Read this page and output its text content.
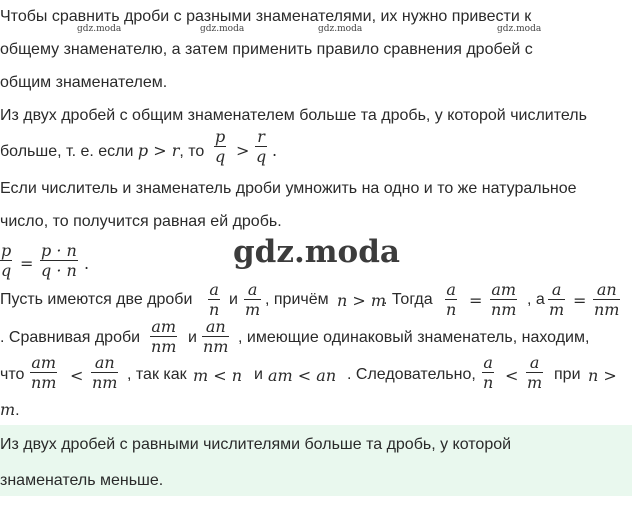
gdz.moda	gdz.moda	gdz.moda	gdz.moda
Чтобы сравнить дроби с разными знаменателями, их нужно привести к
общему знаменателю, а затем применить правило сравнения дробей с
общим знаменателем.
Из двух дробей с общим знаменателем больше та дробь, у которой числитель
больше, т. е. если p > r, то
p
q >
r
q .
Если числитель и знаменатель дроби умножить на одно и то же натуральное
число, то получится равная ей дробь.
p
q =
p · n
q · n .	gdz.moda
Пусть имеются две дроби
a
n
и
a
m
, причём n > m
. Тогда
a
n =
am
nm
, а
a
m =
an
nm
. Сравнивая дроби
am
nm и
an
nm , имеющие одинаковый знаменатель, находим,
что
am
nm <
an
nm , так как m < n и am < an . Следовательно,
a
n <
a
m при n >
m.
Из двух дробей с равными числителями больше та дробь, у которой
знаменатель меньше.
